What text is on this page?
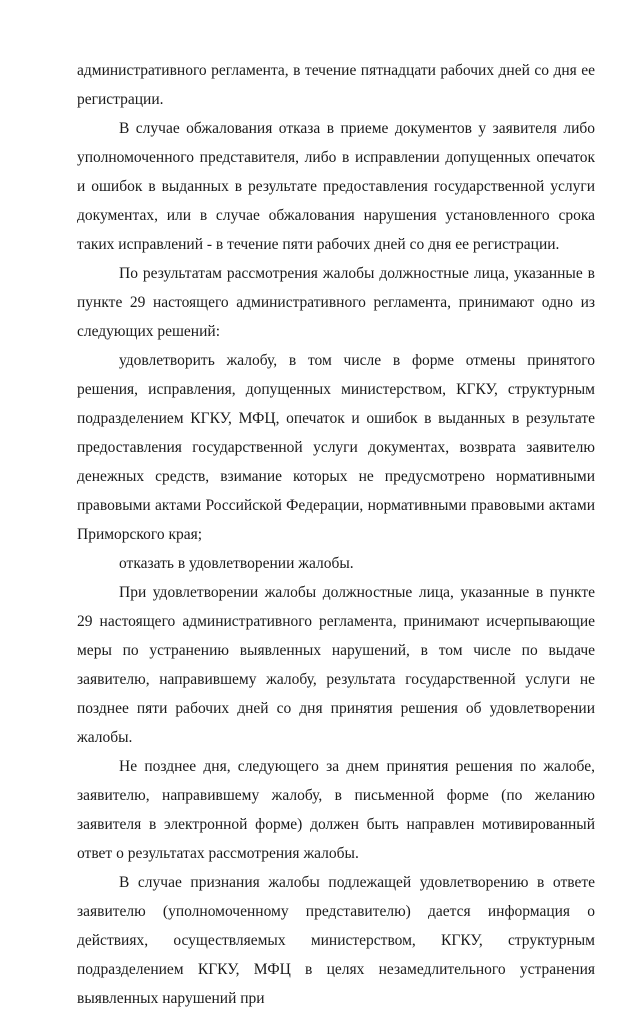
административного регламента, в течение пятнадцати рабочих дней со дня ее регистрации.

В случае обжалования отказа в приеме документов у заявителя либо уполномоченного представителя, либо в исправлении допущенных опечаток и ошибок в выданных в результате предоставления государственной услуги документах, или в случае обжалования нарушения установленного срока таких исправлений - в течение пяти рабочих дней со дня ее регистрации.

По результатам рассмотрения жалобы должностные лица, указанные в пункте 29 настоящего административного регламента, принимают одно из следующих решений:

удовлетворить жалобу, в том числе в форме отмены принятого решения, исправления, допущенных министерством, КГКУ, структурным подразделением КГКУ, МФЦ, опечаток и ошибок в выданных в результате предоставления государственной услуги документах, возврата заявителю денежных средств, взимание которых не предусмотрено нормативными правовыми актами Российской Федерации, нормативными правовыми актами Приморского края;

отказать в удовлетворении жалобы.

При удовлетворении жалобы должностные лица, указанные в пункте 29 настоящего административного регламента, принимают исчерпывающие меры по устранению выявленных нарушений, в том числе по выдаче заявителю, направившему жалобу, результата государственной услуги не позднее пяти рабочих дней со дня принятия решения об удовлетворении жалобы.

Не позднее дня, следующего за днем принятия решения по жалобе, заявителю, направившему жалобу, в письменной форме (по желанию заявителя в электронной форме) должен быть направлен мотивированный ответ о результатах рассмотрения жалобы.

В случае признания жалобы подлежащей удовлетворению в ответе заявителю (уполномоченному представителю) дается информация о действиях, осуществляемых министерством, КГКУ, структурным подразделением КГКУ, МФЦ в целях незамедлительного устранения выявленных нарушений при
